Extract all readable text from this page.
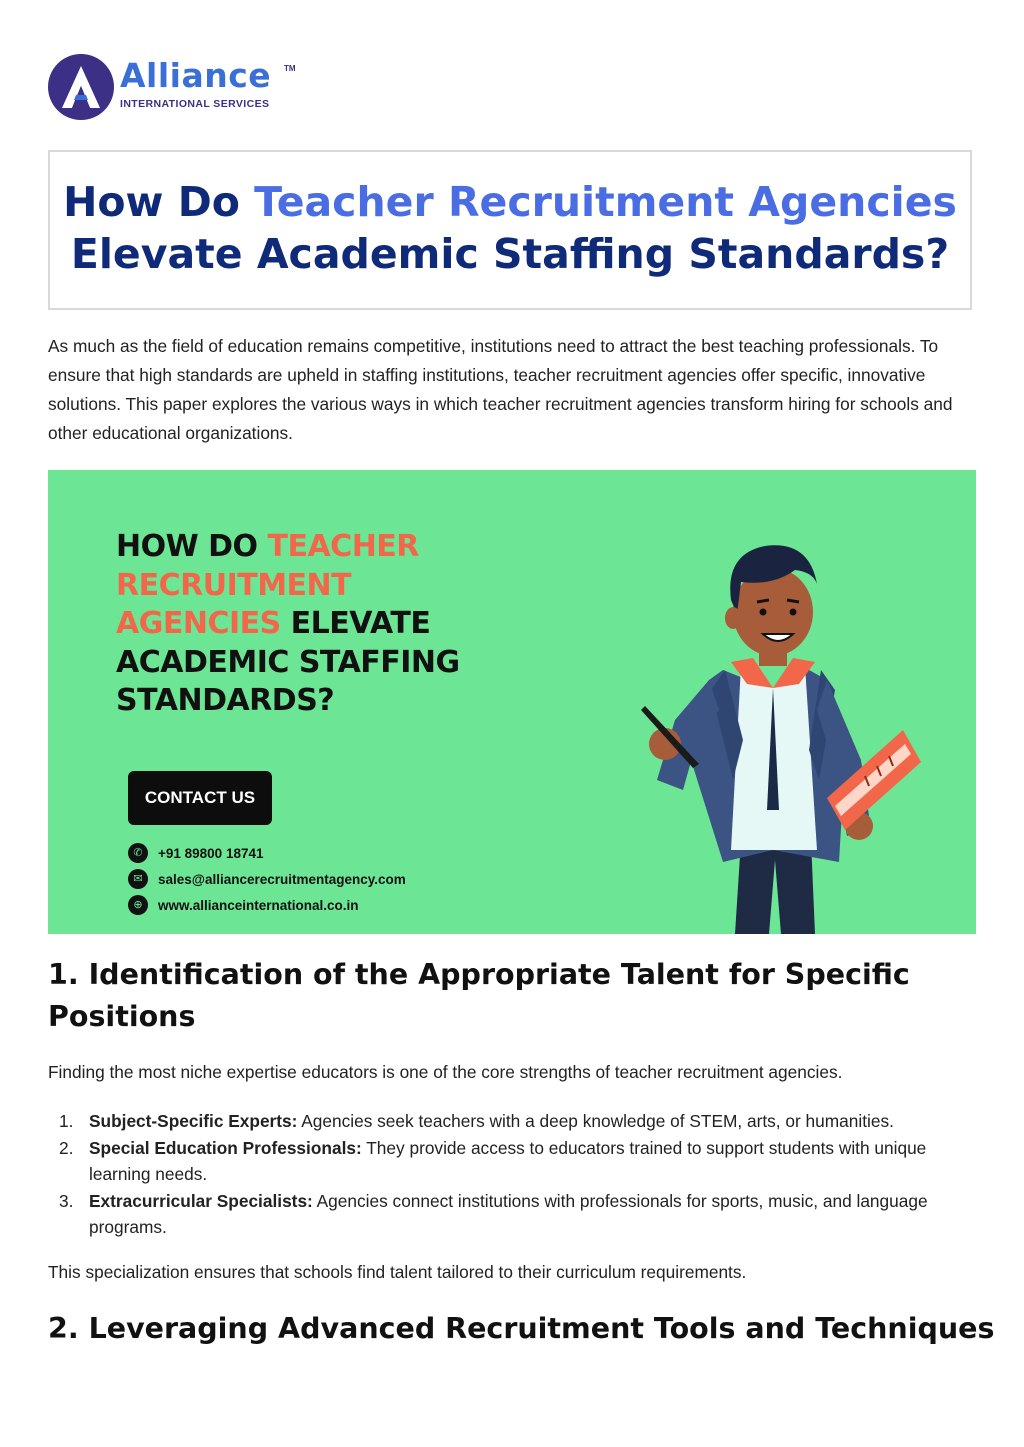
Alliance TM
INTERNATIONAL SERVICES
How Do Teacher Recruitment Agencies
Elevate Academic Staffing Standards?

As much as the field of education remains competitive, institutions need to attract the best teaching professionals. To ensure that high standards are upheld in staffing institutions, teacher recruitment agencies offer specific, innovative solutions. This paper explores the various ways in which teacher recruitment agencies transform hiring for schools and other educational organizations.

HOW DO TEACHER
RECRUITMENT
AGENCIES ELEVATE
ACADEMIC STAFFING
STANDARDS?
CONTACT US
✆	+91 89800 18741
✉	sales@alliancerecruitmentagency.com
⊕	www.allianceinternational.co.in
1. Identification of the Appropriate Talent for Specific
Positions

Finding the most niche expertise educators is one of the core strengths of teacher recruitment agencies.

1. Subject-Specific Experts: Agencies seek teachers with a deep knowledge of STEM, arts, or humanities.
2. Special Education Professionals: They provide access to educators trained to support students with unique learning needs.
3. Extracurricular Specialists: Agencies connect institutions with professionals for sports, music, and language programs.

This specialization ensures that schools find talent tailored to their curriculum requirements.

2. Leveraging Advanced Recruitment Tools and Techniques
